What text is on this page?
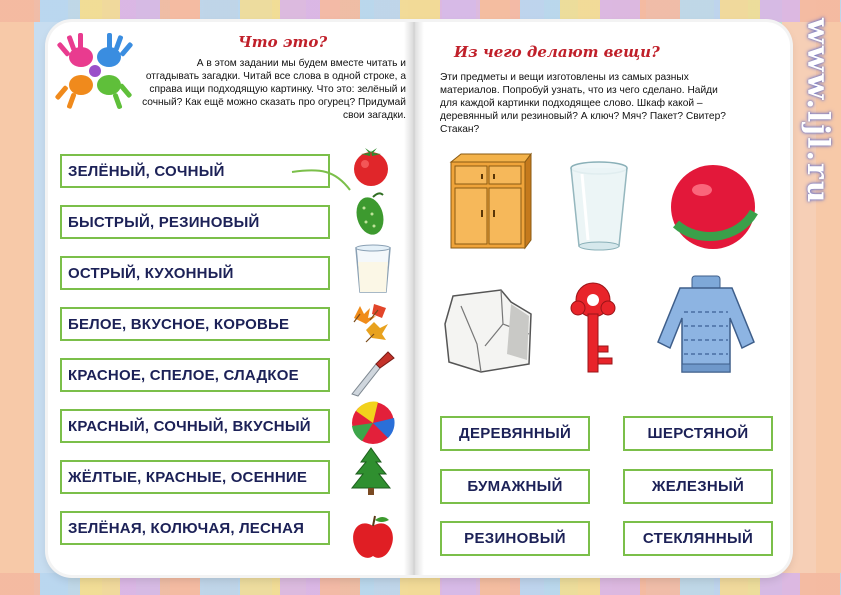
www.ljl.ru
Что это?
А в этом задании мы будем вместе читать и отгадывать загадки. Читай все слова в одной строке, а справа ищи подходящую картинку. Что это: зелёный и сочный? Как ещё можно сказать про огурец? Придумай свои загадки.
ЗЕЛЁНЫЙ, СОЧНЫЙ
БЫСТРЫЙ, РЕЗИНОВЫЙ
ОСТРЫЙ, КУХОННЫЙ
БЕЛОЕ, ВКУСНОЕ, КОРОВЬЕ
КРАСНОЕ, СПЕЛОЕ, СЛАДКОЕ
КРАСНЫЙ, СОЧНЫЙ, ВКУСНЫЙ
ЖЁЛТЫЕ, КРАСНЫЕ, ОСЕННИЕ
ЗЕЛЁНАЯ, КОЛЮЧАЯ, ЛЕСНАЯ
Из чего делают вещи?
Эти предметы и вещи изготовлены из самых разных материалов. Попробуй узнать, что из чего сделано. Найди для каждой картинки подходящее слово. Шкаф какой – деревянный или резиновый? А ключ? Мяч? Пакет? Свитер? Стакан?
ДЕРЕВЯННЫЙ	ШЕРСТЯНОЙ
БУМАЖНЫЙ	ЖЕЛЕЗНЫЙ
РЕЗИНОВЫЙ	СТЕКЛЯННЫЙ
